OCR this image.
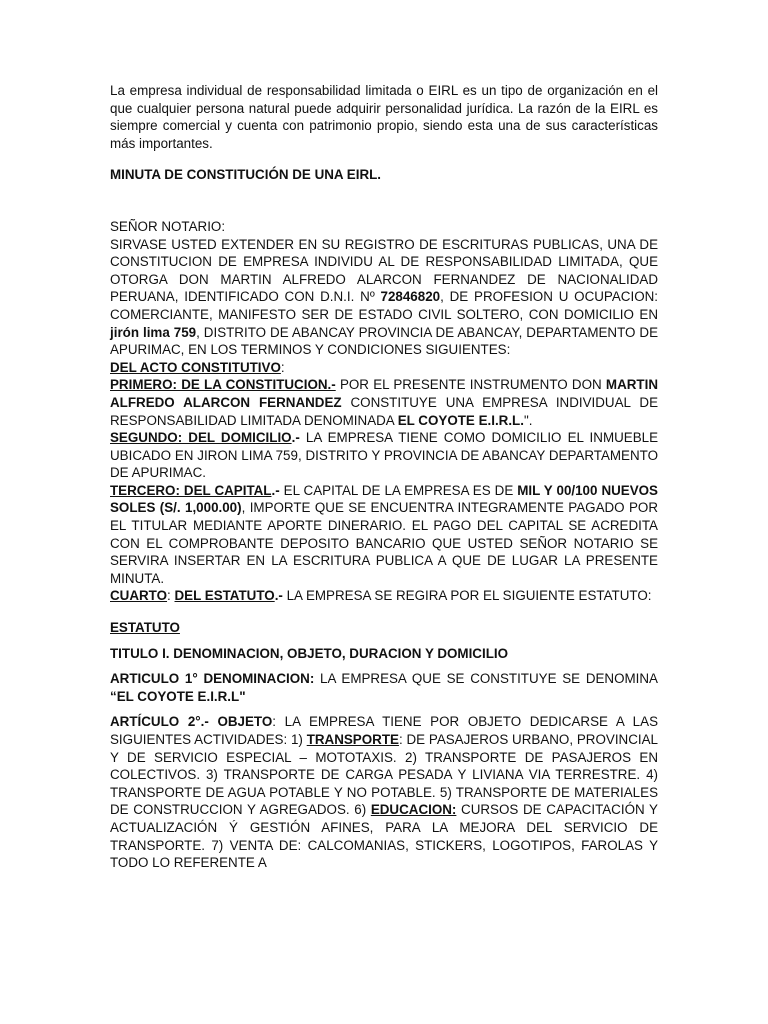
La empresa individual de responsabilidad limitada o EIRL es un tipo de organización en el que cualquier persona natural puede adquirir personalidad jurídica. La razón de la EIRL es siempre comercial y cuenta con patrimonio propio, siendo esta una de sus características más importantes.

MINUTA DE CONSTITUCIÓN DE UNA EIRL.

SEÑOR NOTARIO:

SIRVASE USTED EXTENDER EN SU REGISTRO DE ESCRITURAS PUBLICAS, UNA DE CONSTITUCION DE EMPRESA INDIVIDU AL DE RESPONSABILIDAD LIMITADA, QUE OTORGA DON MARTIN ALFREDO ALARCON FERNANDEZ DE NACIONALIDAD PERUANA, IDENTIFICADO CON D.N.I. Nº 72846820, DE PROFESION U OCUPACION: COMERCIANTE, MANIFESTO SER DE ESTADO CIVIL SOLTERO, CON DOMICILIO EN jirón lima 759, DISTRITO DE ABANCAY PROVINCIA DE ABANCAY, DEPARTAMENTO DE APURIMAC, EN LOS TERMINOS Y CONDICIONES SIGUIENTES:

DEL ACTO CONSTITUTIVO:

PRIMERO: DE LA CONSTITUCION.- POR EL PRESENTE INSTRUMENTO DON MARTIN ALFREDO ALARCON FERNANDEZ CONSTITUYE UNA EMPRESA INDIVIDUAL DE RESPONSABILIDAD LIMITADA DENOMINADA EL COYOTE E.I.R.L.".

SEGUNDO: DEL DOMICILIO.- LA EMPRESA TIENE COMO DOMICILIO EL INMUEBLE UBICADO EN JIRON LIMA 759, DISTRITO Y PROVINCIA DE ABANCAY DEPARTAMENTO DE APURIMAC.

TERCERO: DEL CAPITAL.- EL CAPITAL DE LA EMPRESA ES DE MIL Y 00/100 NUEVOS SOLES (S/. 1,000.00), IMPORTE QUE SE ENCUENTRA INTEGRAMENTE PAGADO POR EL TITULAR MEDIANTE APORTE DINERARIO. EL PAGO DEL CAPITAL SE ACREDITA CON EL COMPROBANTE DEPOSITO BANCARIO QUE USTED SEÑOR NOTARIO SE SERVIRA INSERTAR EN LA ESCRITURA PUBLICA A QUE DE LUGAR LA PRESENTE MINUTA.

CUARTO: DEL ESTATUTO.- LA EMPRESA SE REGIRA POR EL SIGUIENTE ESTATUTO:

ESTATUTO

TITULO I. DENOMINACION, OBJETO, DURACION Y DOMICILIO

ARTICULO 1° DENOMINACION: LA EMPRESA QUE SE CONSTITUYE SE DENOMINA “EL COYOTE E.I.R.L"

ARTÍCULO 2°.- OBJETO: LA EMPRESA TIENE POR OBJETO DEDICARSE A LAS SIGUIENTES ACTIVIDADES: 1) TRANSPORTE: DE PASAJEROS URBANO, PROVINCIAL Y DE SERVICIO ESPECIAL – MOTOTAXIS. 2) TRANSPORTE DE PASAJEROS EN COLECTIVOS. 3) TRANSPORTE DE CARGA PESADA Y LIVIANA VIA TERRESTRE. 4) TRANSPORTE DE AGUA POTABLE Y NO POTABLE. 5) TRANSPORTE DE MATERIALES DE CONSTRUCCION Y AGREGADOS. 6) EDUCACION: CURSOS DE CAPACITACIÓN Y ACTUALIZACIÓN Ý GESTIÓN AFINES, PARA LA MEJORA DEL SERVICIO DE TRANSPORTE. 7) VENTA DE: CALCOMANIAS, STICKERS, LOGOTIPOS, FAROLAS Y TODO LO REFERENTE A
